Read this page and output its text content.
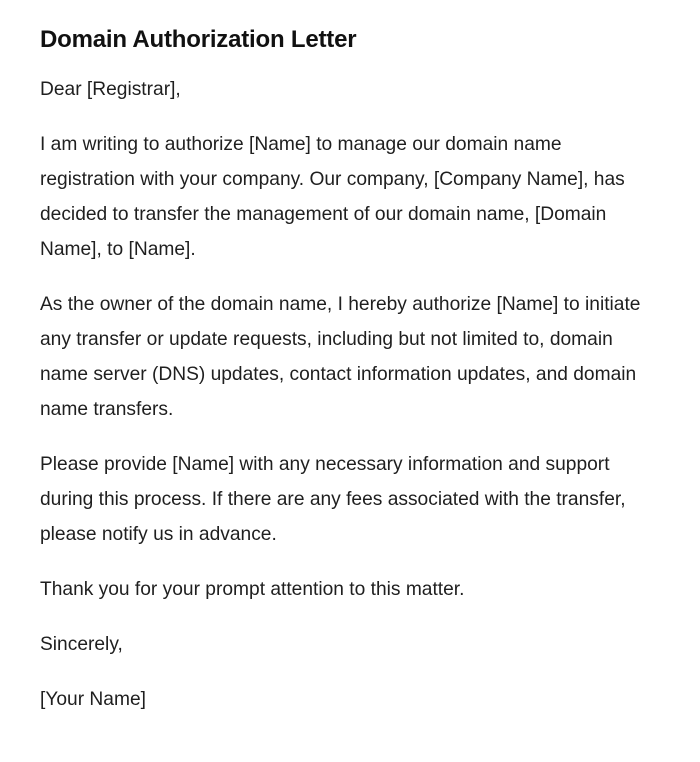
Domain Authorization Letter

Dear [Registrar],

I am writing to authorize [Name] to manage our domain name registration with your company. Our company, [Company Name], has decided to transfer the management of our domain name, [Domain Name], to [Name].

As the owner of the domain name, I hereby authorize [Name] to initiate any transfer or update requests, including but not limited to, domain name server (DNS) updates, contact information updates, and domain name transfers.

Please provide [Name] with any necessary information and support during this process. If there are any fees associated with the transfer, please notify us in advance.

Thank you for your prompt attention to this matter.

Sincerely,

[Your Name]
